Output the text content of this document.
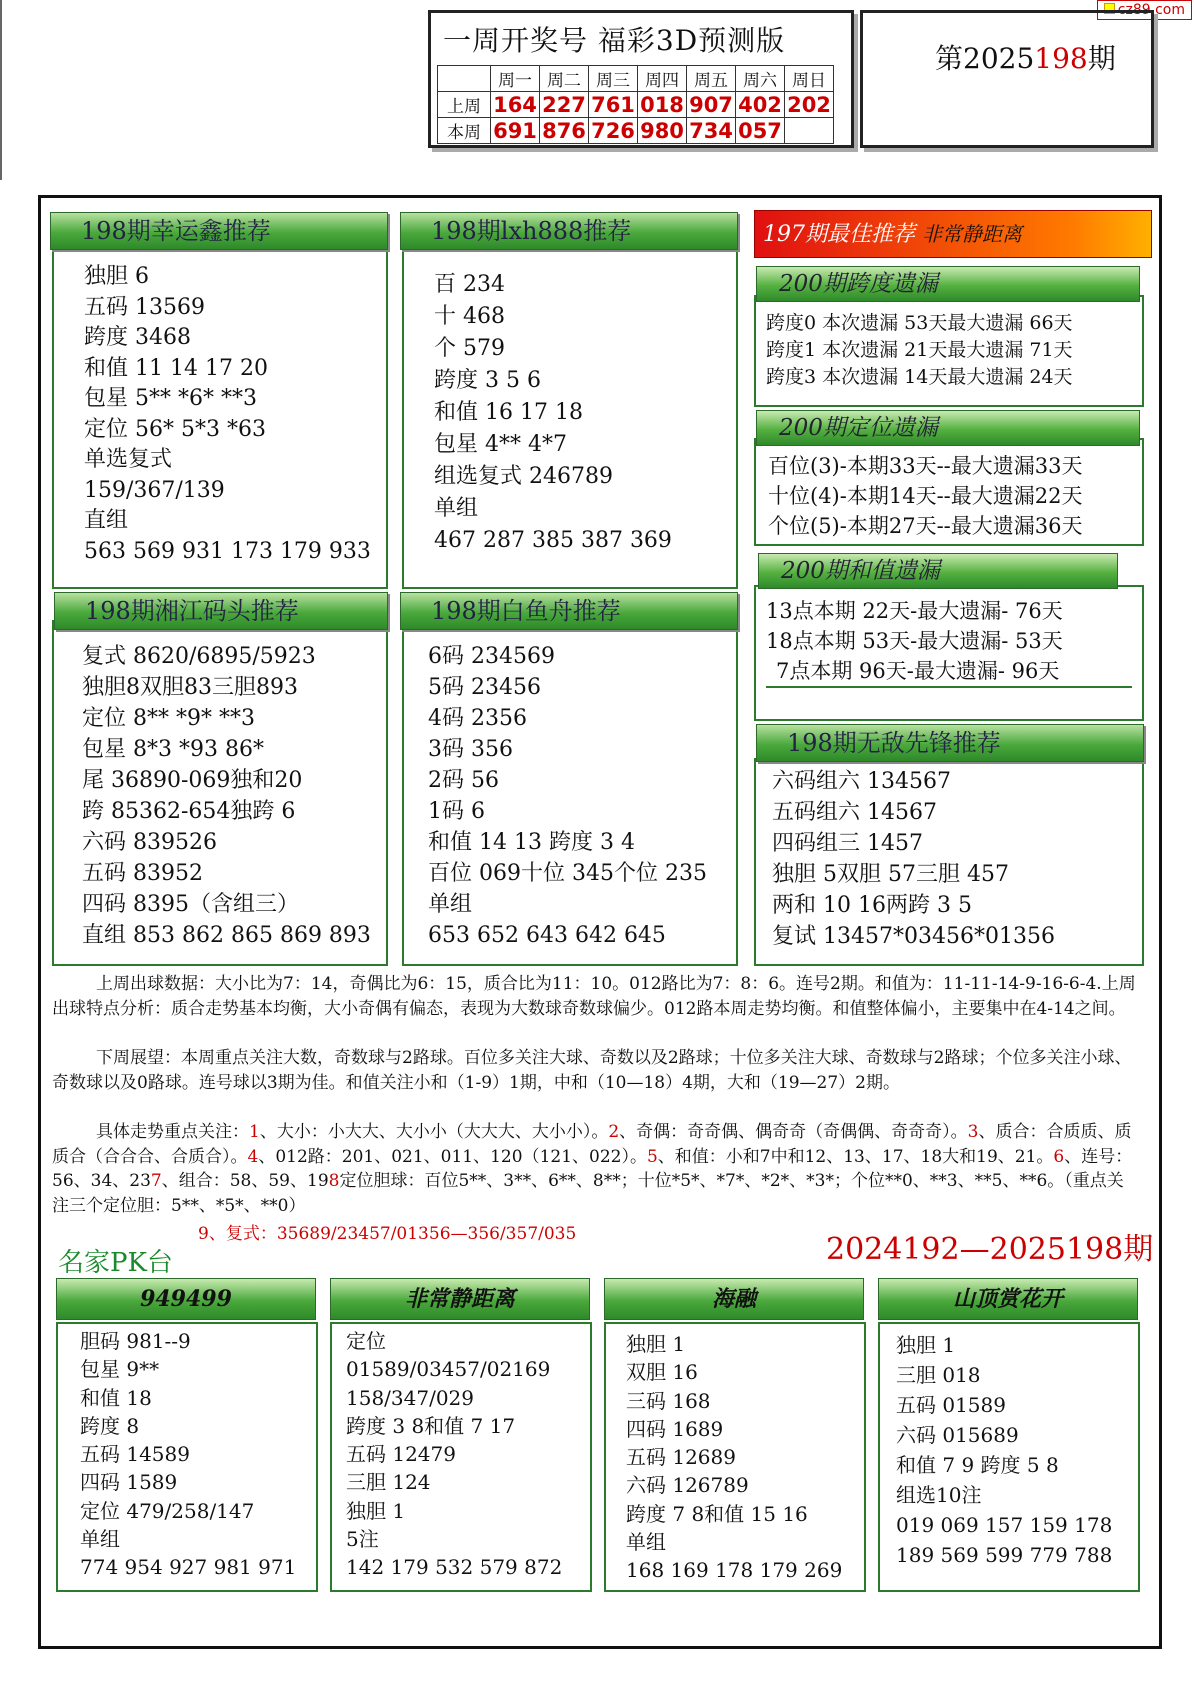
cz89.com
一周开奖号 福彩3D预测版
	周一	周二	周三	周四	周五	周六	周日
上周	164	227	761	018	907	402	202
本周	691	876	726	980	734	057	
第2025198期
198期幸运鑫推荐
独胆 6
五码 13569
跨度 3468
和值 11 14 17 20
包星 5** *6* **3
定位 56* 5*3 *63
单选复式
159/367/139
直组
563 569 931 173 179 933
198期lxh888推荐
百 234
十 468
个 579
跨度 3 5 6
和值 16 17 18
包星 4** 4*7
组选复式 246789
单组
467 287 385 387 369
198期湘江码头推荐
复式 8620/6895/5923
独胆8双胆83三胆893
定位 8** *9* **3
包星 8*3 *93 86*
尾 36890-069独和20
跨 85362-654独跨 6
六码 839526
五码 83952
四码 8395（含组三）
直组 853 862 865 869 893
198期白鱼舟推荐
6码 234569
5码 23456
4码 2356
3码 356
2码 56
1码 6
和值 14 13 跨度 3 4
百位 069十位 345个位 235
单组
653 652 643 642 645
197期最佳推荐 非常静距离
200期跨度遗漏
跨度0 本次遗漏 53天最大遗漏 66天
跨度1 本次遗漏 21天最大遗漏 71天
跨度3 本次遗漏 14天最大遗漏 24天
200期定位遗漏
百位(3)-本期33天--最大遗漏33天
十位(4)-本期14天--最大遗漏22天
个位(5)-本期27天--最大遗漏36天
200期和值遗漏
13点本期 22天-最大遗漏- 76天
18点本期 53天-最大遗漏- 53天
7点本期 96天-最大遗漏- 96天
198期无敌先锋推荐
六码组六 134567
五码组六 14567
四码组三 1457
独胆 5双胆 57三胆 457
两和 10 16两跨 3 5
复试 13457*03456*01356
上周出球数据：大小比为7：14，奇偶比为6：15，质合比为11：10。012路比为7：8：6。连号2期。和值为：11-11-14-9-16-6-4.上周出球特点分析：质合走势基本均衡，大小奇偶有偏态，表现为大数球奇数球偏少。012路本周走势均衡。和值整体偏小，主要集中在4-14之间。
下周展望：本周重点关注大数，奇数球与2路球。百位多关注大球、奇数以及2路球；十位多关注大球、奇数球与2路球；个位多关注小球、奇数球以及0路球。连号球以3期为佳。和值关注小和（1-9）1期，中和（10—18）4期，大和（19—27）2期。
具体走势重点关注：1、大小：小大大、大小小（大大大、大小小）。2、奇偶：奇奇偶、偶奇奇（奇偶偶、奇奇奇）。3、质合：合质质、质质合（合合合、合质合）。4、012路：201、021、011、120（121、022）。5、和值：小和7中和12、13、17、18大和19、21。6、连号：56、34、237、组合：58、59、198定位胆球：百位5**、3**、6**、8**；十位*5*、*7*、*2*、*3*；个位**0、**3、**5、**6。（重点关注三个定位胆：5**、*5*、**0）
9、复式：35689/23457/01356—356/357/035
名家PK台	2024192—2025198期
949499
胆码 981--9
包星 9**
和值 18
跨度 8
五码 14589
四码 1589
定位 479/258/147
单组
774 954 927 981 971
非常静距离
定位
01589/03457/02169
158/347/029
跨度 3 8和值 7 17
五码 12479
三胆 124
独胆 1
5注
142 179 532 579 872
海融
独胆 1
双胆 16
三码 168
四码 1689
五码 12689
六码 126789
跨度 7 8和值 15 16
单组
168 169 178 179 269
山顶赏花开
独胆 1
三胆 018
五码 01589
六码 015689
和值 7 9 跨度 5 8
组选10注
019 069 157 159 178
189 569 599 779 788
